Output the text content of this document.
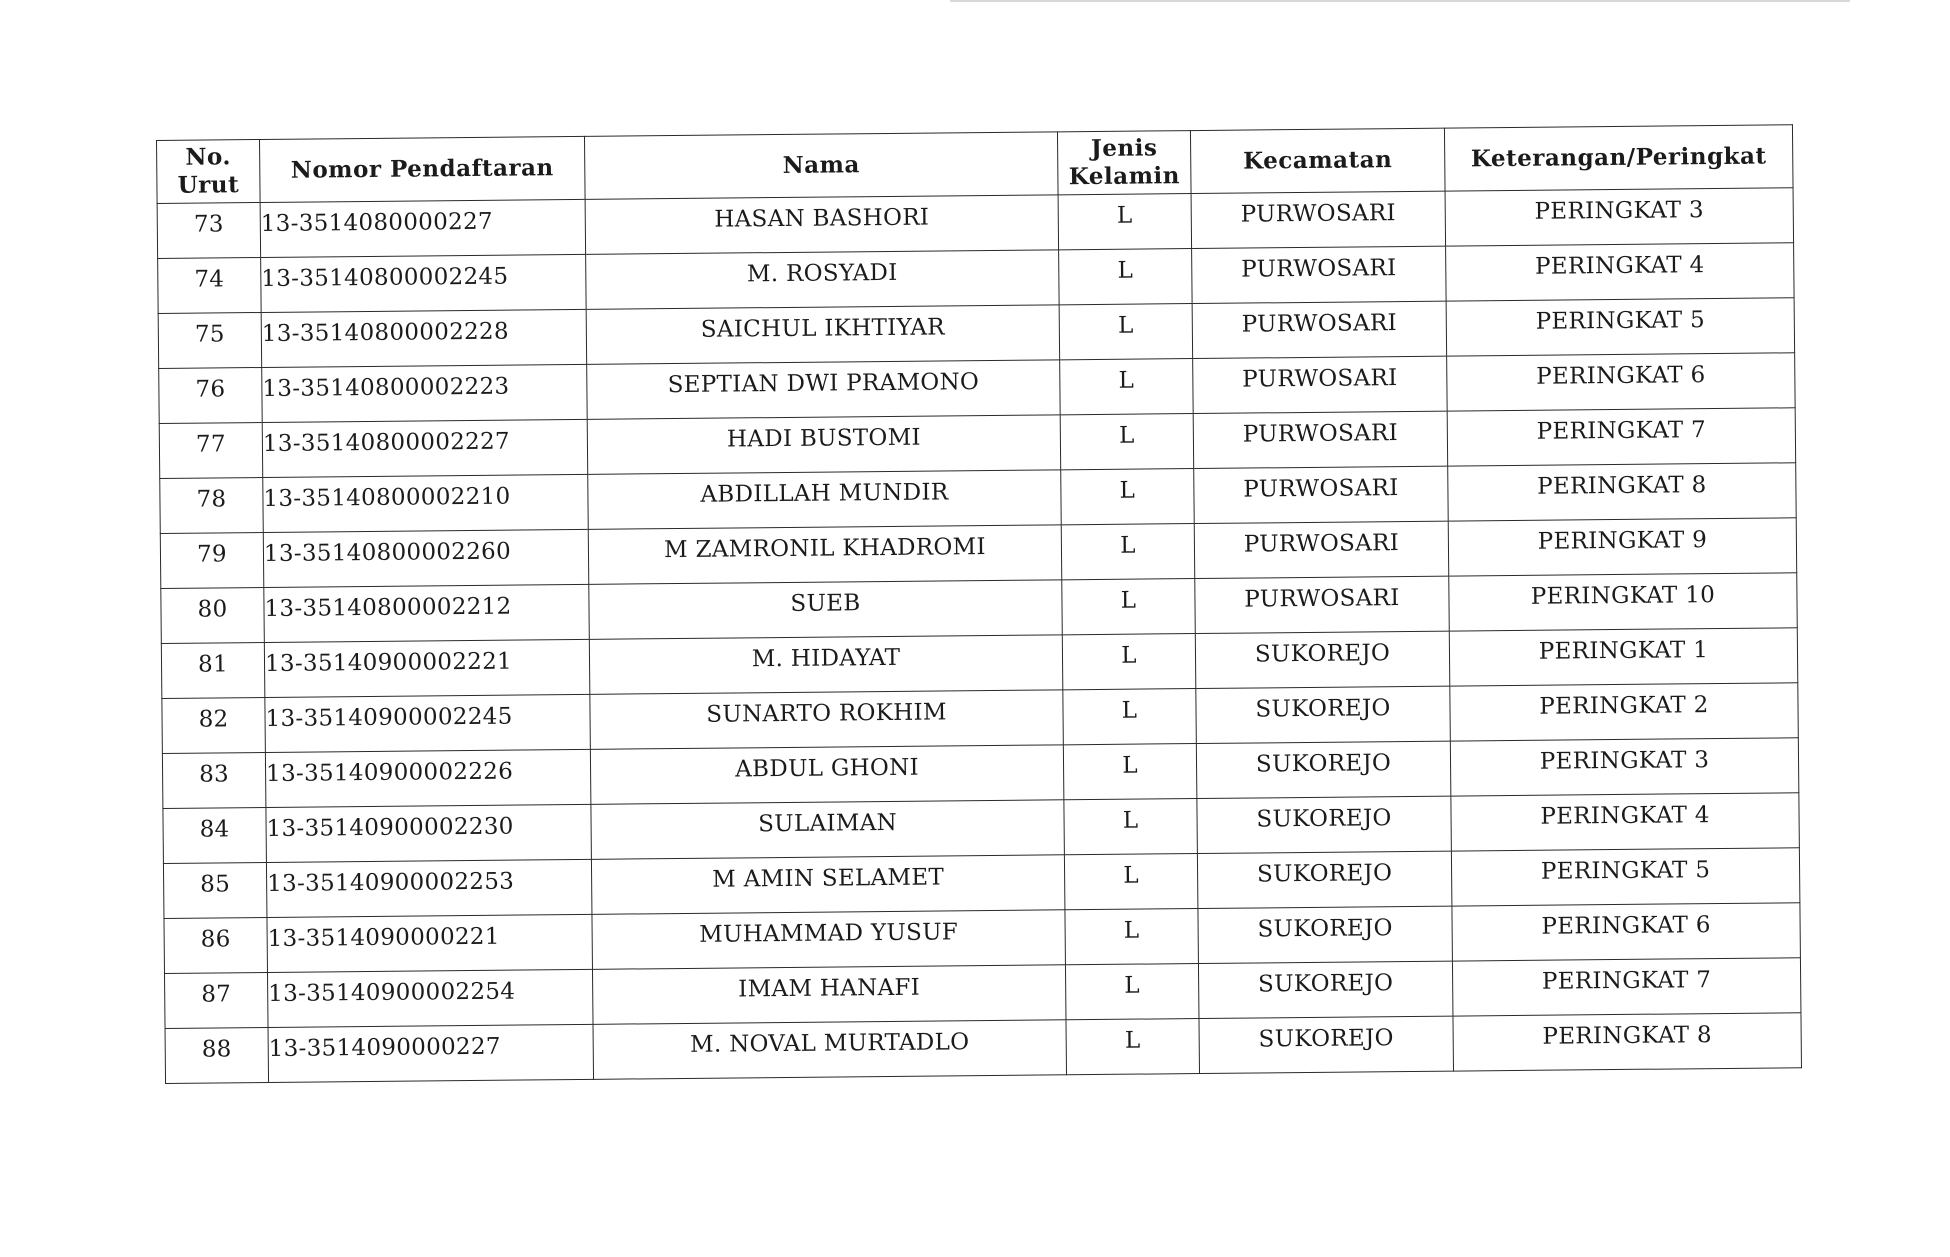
No. Urut	Nomor Pendaftaran	Nama	Jenis Kelamin	Kecamatan	Keterangan/Peringkat
73	13-3514080000227	HASAN BASHORI	L	PURWOSARI	PERINGKAT 3
74	13-35140800002245	M. ROSYADI	L	PURWOSARI	PERINGKAT 4
75	13-35140800002228	SAICHUL IKHTIYAR	L	PURWOSARI	PERINGKAT 5
76	13-35140800002223	SEPTIAN DWI PRAMONO	L	PURWOSARI	PERINGKAT 6
77	13-35140800002227	HADI BUSTOMI	L	PURWOSARI	PERINGKAT 7
78	13-35140800002210	ABDILLAH MUNDIR	L	PURWOSARI	PERINGKAT 8
79	13-35140800002260	M ZAMRONIL KHADROMI	L	PURWOSARI	PERINGKAT 9
80	13-35140800002212	SUEB	L	PURWOSARI	PERINGKAT 10
81	13-35140900002221	M. HIDAYAT	L	SUKOREJO	PERINGKAT 1
82	13-35140900002245	SUNARTO ROKHIM	L	SUKOREJO	PERINGKAT 2
83	13-35140900002226	ABDUL GHONI	L	SUKOREJO	PERINGKAT 3
84	13-35140900002230	SULAIMAN	L	SUKOREJO	PERINGKAT 4
85	13-35140900002253	M AMIN SELAMET	L	SUKOREJO	PERINGKAT 5
86	13-3514090000221	MUHAMMAD YUSUF	L	SUKOREJO	PERINGKAT 6
87	13-35140900002254	IMAM HANAFI	L	SUKOREJO	PERINGKAT 7
88	13-3514090000227	M. NOVAL MURTADLO	L	SUKOREJO	PERINGKAT 8
